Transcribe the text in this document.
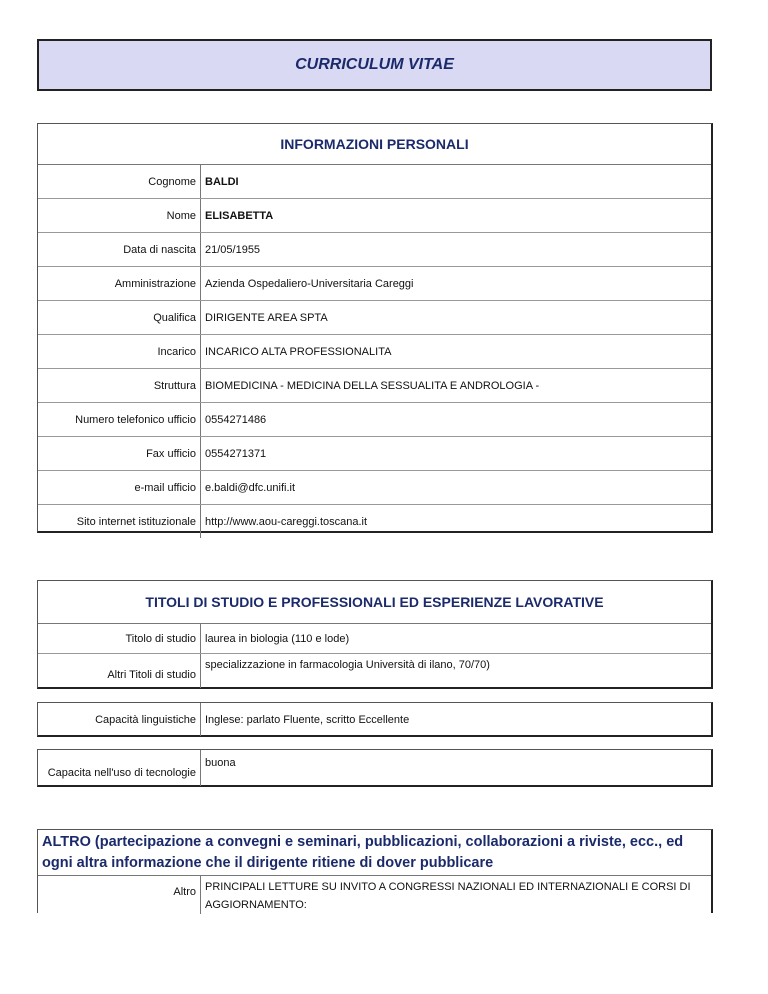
CURRICULUM VITAE
INFORMAZIONI PERSONALI
Cognome BALDI
Nome ELISABETTA
Data di nascita 21/05/1955
Amministrazione Azienda Ospedaliero-Universitaria Careggi
Qualifica DIRIGENTE AREA SPTA
Incarico INCARICO ALTA PROFESSIONALITA
Struttura BIOMEDICINA - MEDICINA DELLA SESSUALITA E ANDROLOGIA -
Numero telefonico ufficio 0554271486
Fax ufficio 0554271371
e-mail ufficio e.baldi@dfc.unifi.it
Sito internet istituzionale http://www.aou-careggi.toscana.it
TITOLI DI STUDIO E PROFESSIONALI ED ESPERIENZE LAVORATIVE
Titolo di studio laurea in biologia (110 e lode)
Altri Titoli di studio
specializzazione in farmacologia Università di ilano, 70/70)
Capacità linguistiche Inglese: parlato Fluente, scritto Eccellente
Capacita nell'uso di tecnologie
buona
ALTRO (partecipazione a convegni e seminari, pubblicazioni, collaborazioni a riviste, ecc., ed ogni altra informazione che il dirigente ritiene di dover pubblicare
Altro PRINCIPALI LETTURE SU INVITO A CONGRESSI NAZIONALI ED INTERNAZIONALI E CORSI DI AGGIORNAMENTO:
